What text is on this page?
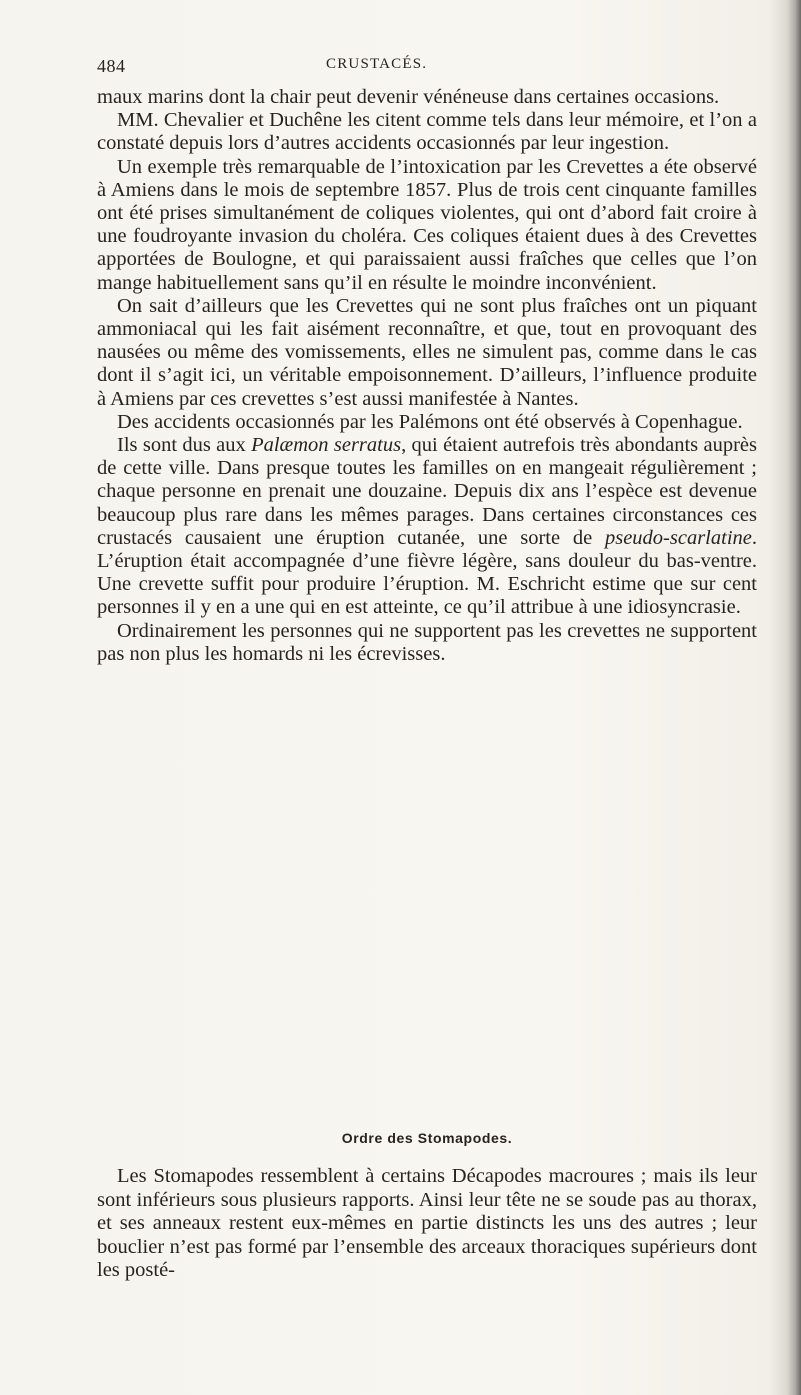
484	CRUSTACÉS.

maux marins dont la chair peut devenir vénéneuse dans certaines occasions.

MM. Chevalier et Duchêne les citent comme tels dans leur mémoire, et l’on a constaté depuis lors d’autres accidents occasionnés par leur ingestion.

Un exemple très remarquable de l’intoxication par les Crevettes a éte observé à Amiens dans le mois de septembre 1857. Plus de trois cent cinquante familles ont été prises simultanément de coliques violentes, qui ont d’abord fait croire à une foudroyante invasion du choléra. Ces coliques étaient dues à des Crevettes apportées de Boulogne, et qui paraissaient aussi fraîches que celles que l’on mange habituellement sans qu’il en résulte le moindre inconvénient.

On sait d’ailleurs que les Crevettes qui ne sont plus fraîches ont un piquant ammoniacal qui les fait aisément reconnaître, et que, tout en provoquant des nausées ou même des vomissements, elles ne simulent pas, comme dans le cas dont il s’agit ici, un véritable empoisonnement. D’ailleurs, l’influence produite à Amiens par ces crevettes s’est aussi manifestée à Nantes.

Des accidents occasionnés par les Palémons ont été observés à Copenhague.

Ils sont dus aux Palæmon serratus, qui étaient autrefois très abondants auprès de cette ville. Dans presque toutes les familles on en mangeait régulièrement ; chaque personne en prenait une douzaine. Depuis dix ans l’espèce est devenue beaucoup plus rare dans les mêmes parages. Dans certaines circonstances ces crustacés causaient une éruption cutanée, une sorte de pseudo-scarlatine. L’éruption était accompagnée d’une fièvre légère, sans douleur du bas-ventre. Une crevette suffit pour produire l’éruption. M. Eschricht estime que sur cent personnes il y en a une qui en est atteinte, ce qu’il attribue à une idiosyncrasie.

Ordinairement les personnes qui ne supportent pas les crevettes ne supportent pas non plus les homards ni les écrevisses.

Ordre des Stomapodes.

Les Stomapodes ressemblent à certains Décapodes macroures ; mais ils leur sont inférieurs sous plusieurs rapports. Ainsi leur tête ne se soude pas au thorax, et ses anneaux restent eux-mêmes en partie distincts les uns des autres ; leur bouclier n’est pas formé par l’ensemble des arceaux thoraciques supérieurs dont les posté-
